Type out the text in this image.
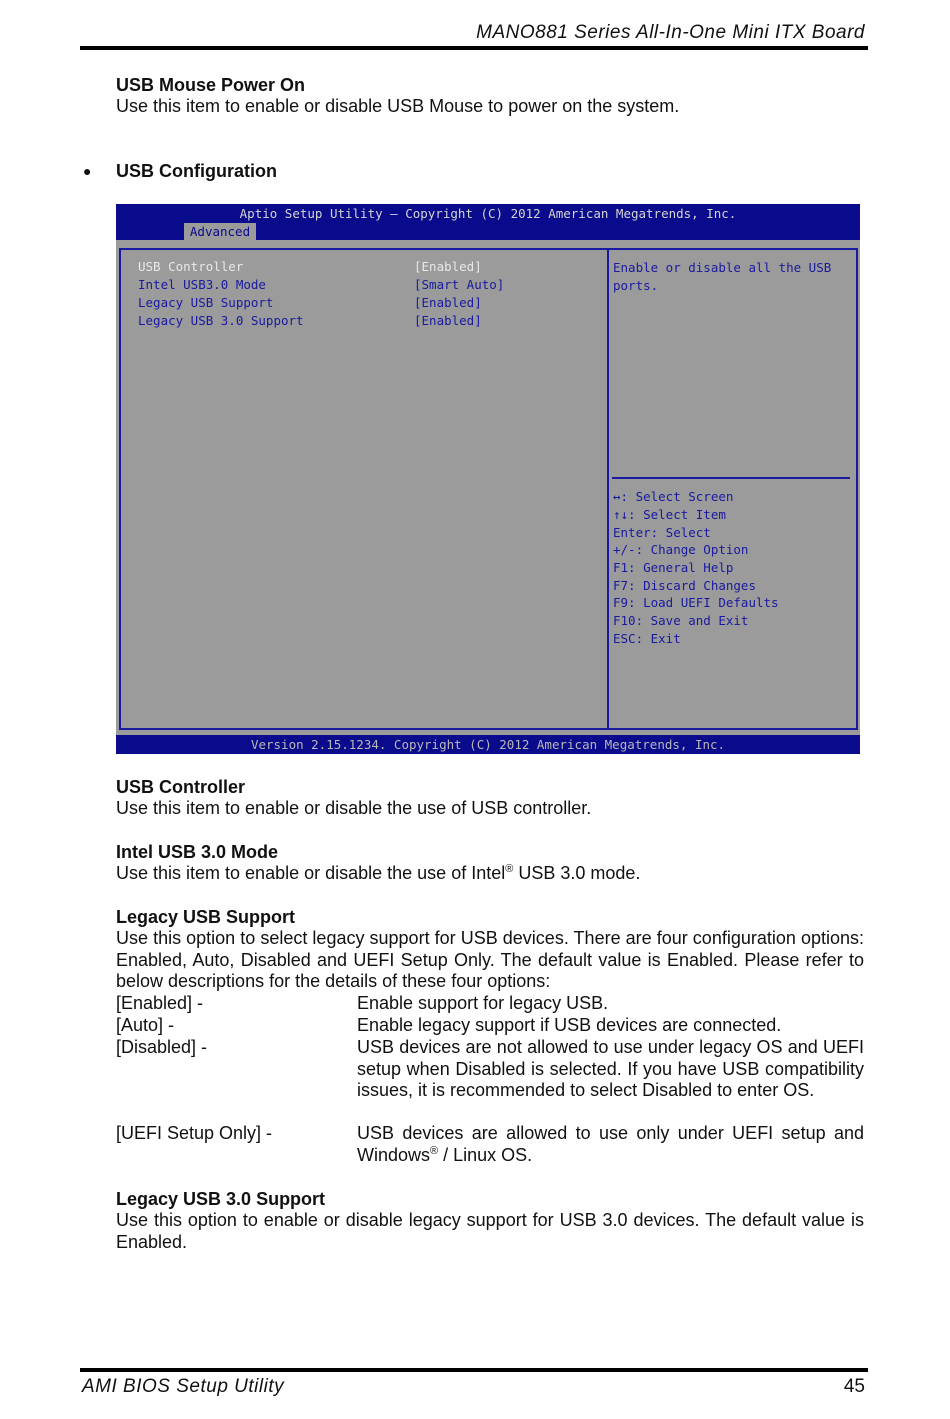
MANO881 Series All-In-One Mini ITX Board
USB Mouse Power On
Use this item to enable or disable USB Mouse to power on the system.
● USB Configuration
Aptio Setup Utility – Copyright (C) 2012 American Megatrends, Inc.
Advanced
USB Controller	[Enabled]
Intel USB3.0 Mode	[Smart Auto]
Legacy USB Support	[Enabled]
Legacy USB 3.0 Support	[Enabled]
Enable or disable all the USB
ports.
↔: Select Screen
↑↓: Select Item
Enter: Select
+/-: Change Option
F1: General Help
F7: Discard Changes
F9: Load UEFI Defaults
F10: Save and Exit
ESC: Exit
Version 2.15.1234. Copyright (C) 2012 American Megatrends, Inc.
USB Controller
Use this item to enable or disable the use of USB controller.
Intel USB 3.0 Mode
Use this item to enable or disable the use of Intel® USB 3.0 mode.
Legacy USB Support
Use this option to select legacy support for USB devices. There are four configuration options: Enabled, Auto, Disabled and UEFI Setup Only. The default value is Enabled. Please refer to below descriptions for the details of these four options:
[Enabled] -	Enable support for legacy USB.
[Auto] -	Enable legacy support if USB devices are connected.
[Disabled] -	USB devices are not allowed to use under legacy OS and UEFI setup when Disabled is selected. If you have USB compatibility issues, it is recommended to select Disabled to enter OS.
[UEFI Setup Only] -	USB devices are allowed to use only under UEFI setup and Windows® / Linux OS.
Legacy USB 3.0 Support
Use this option to enable or disable legacy support for USB 3.0 devices. The default value is Enabled.
AMI BIOS Setup Utility	45
